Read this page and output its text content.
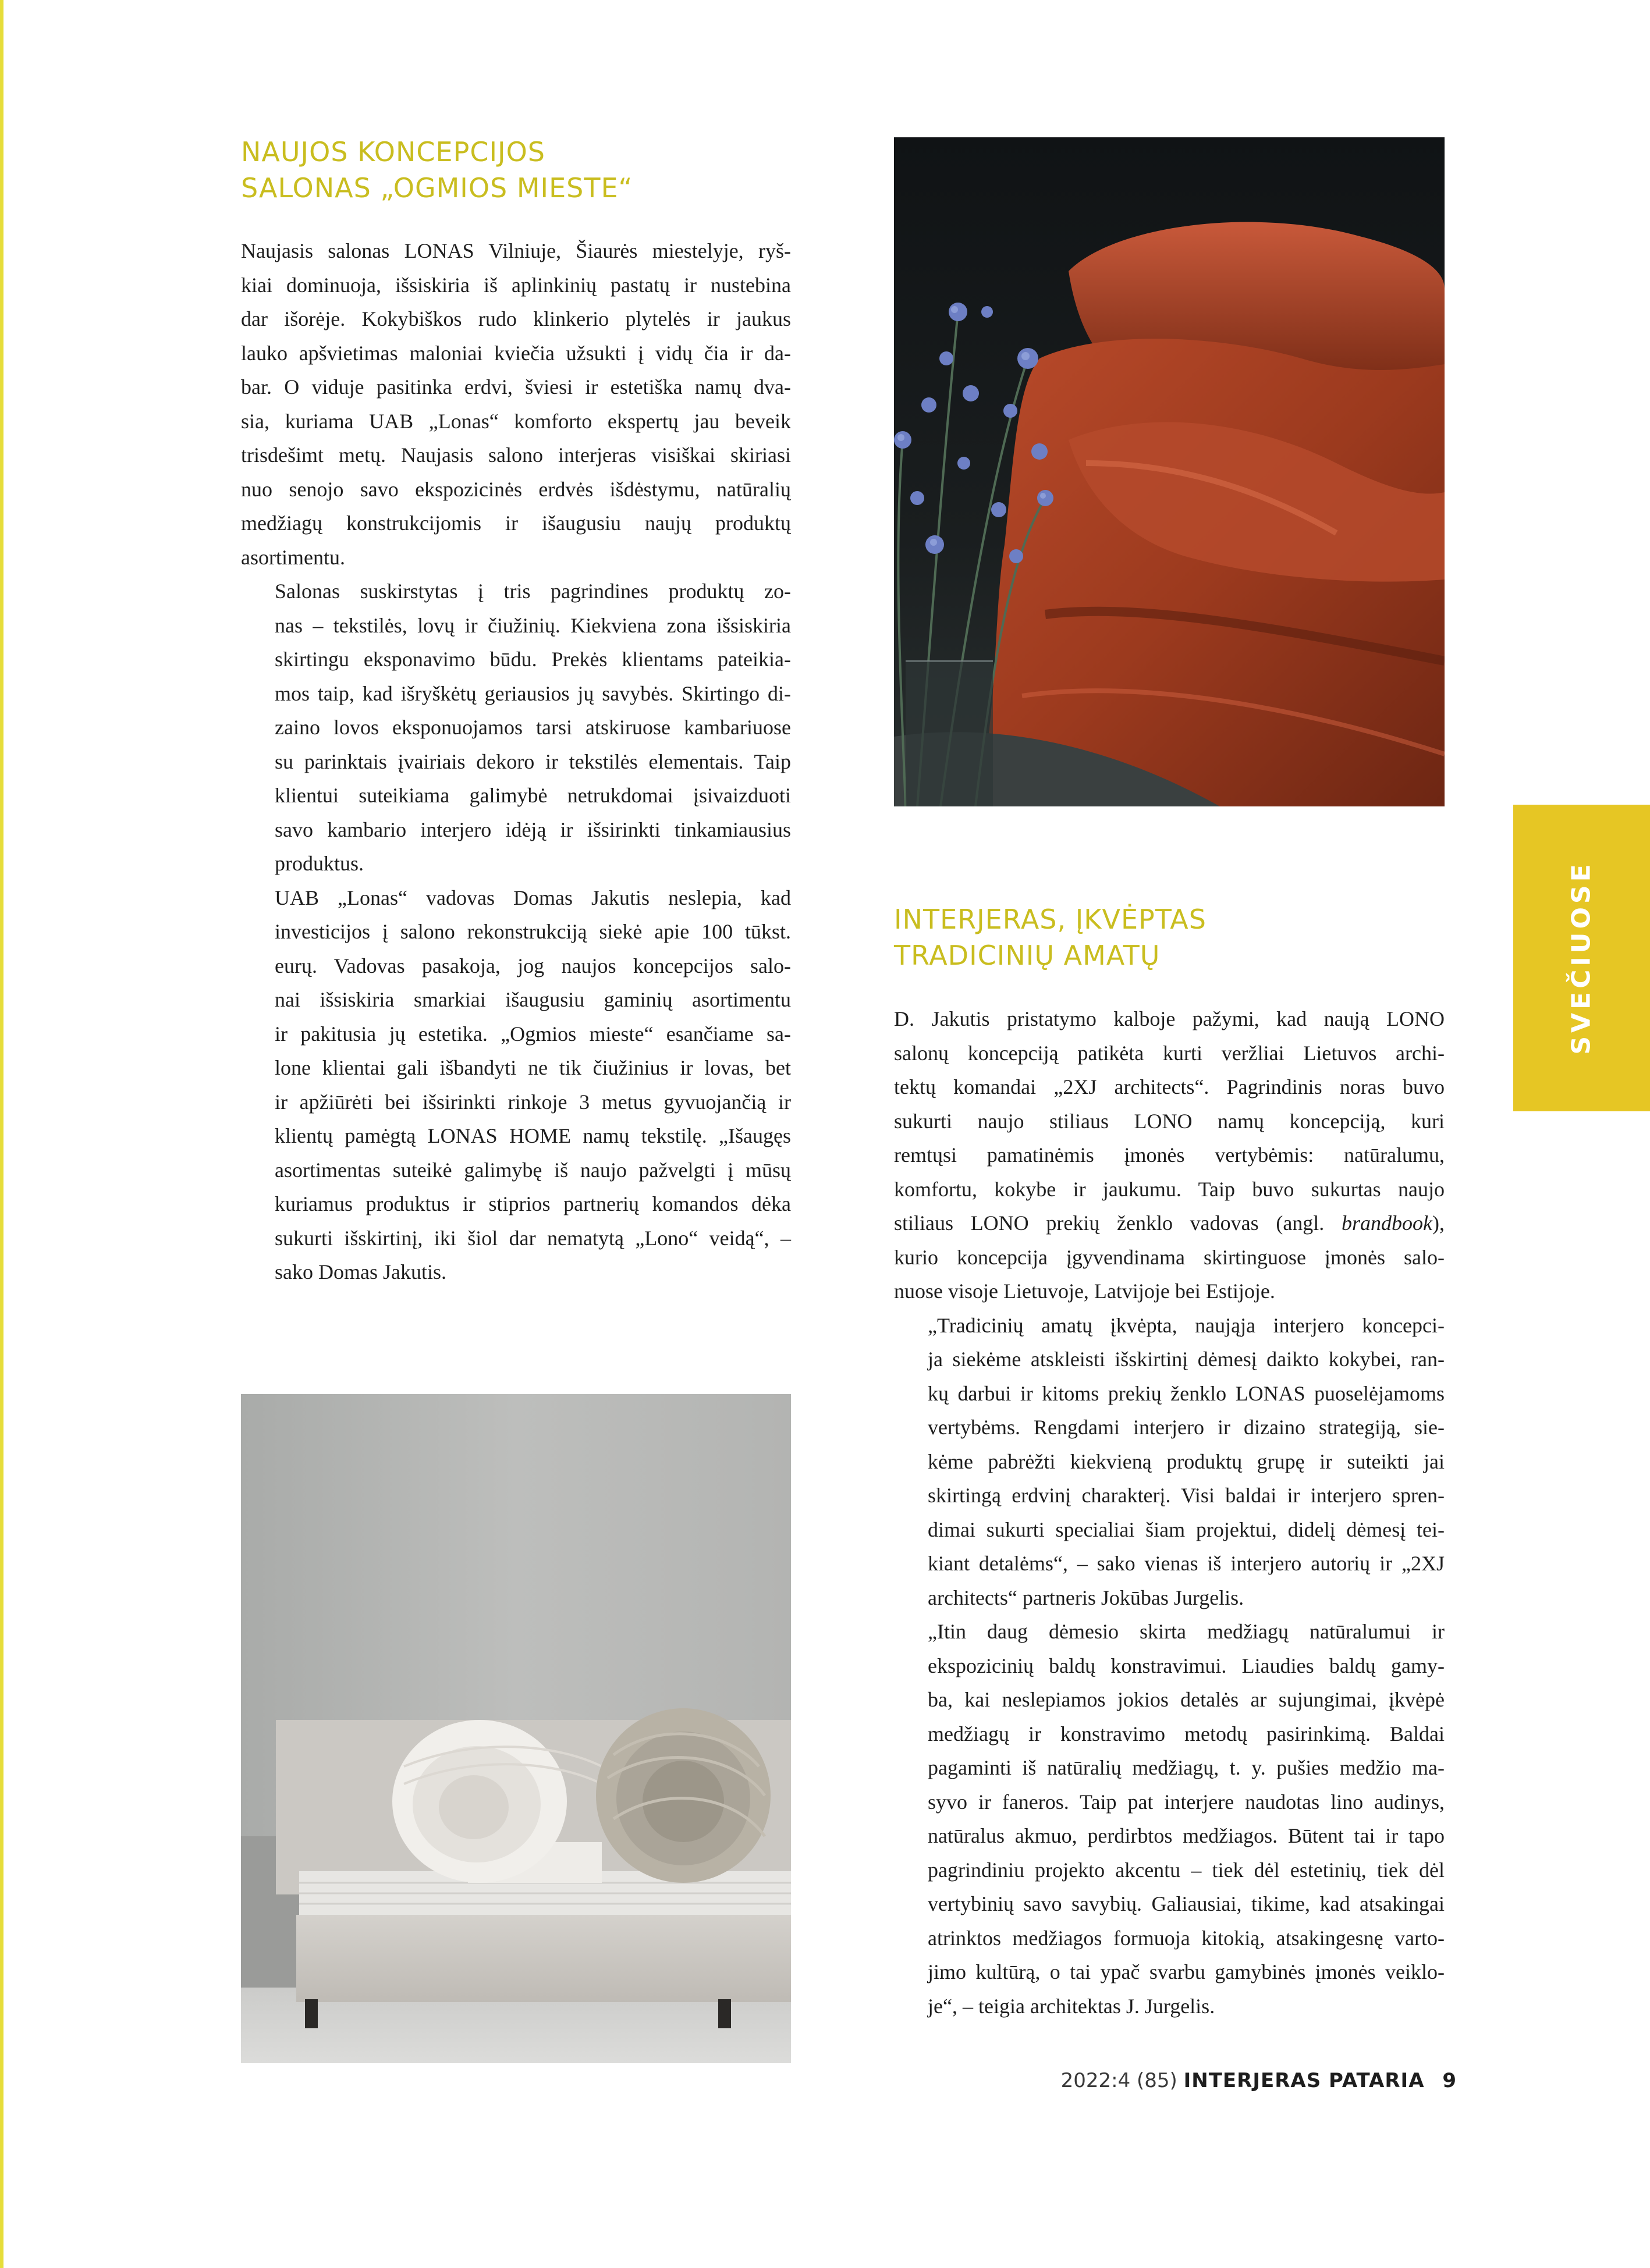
NAUJOS KONCEPCIJOS
SALONAS „OGMIOS MIESTE“

Naujasis salonas LONAS Vilniuje, Šiaurės miestelyje, ryš-
kiai dominuoja, išsiskiria iš aplinkinių pastatų ir nustebina
dar išorėje. Kokybiškos rudo klinkerio plytelės ir jaukus
lauko apšvietimas maloniai kviečia užsukti į vidų čia ir da-
bar. O viduje pasitinka erdvi, šviesi ir estetiška namų dva-
sia, kuriama UAB „Lonas“ komforto ekspertų jau beveik
trisdešimt metų. Naujasis salono interjeras visiškai skiriasi
nuo senojo savo ekspozicinės erdvės išdėstymu, natūralių
medžiagų konstrukcijomis ir išaugusiu naujų produktų
asortimentu.

Salonas suskirstytas į tris pagrindines produktų zo-
nas – tekstilės, lovų ir čiužinių. Kiekviena zona išsiskiria
skirtingu eksponavimo būdu. Prekės klientams pateikia-
mos taip, kad išryškėtų geriausios jų savybės. Skirtingo di-
zaino lovos eksponuojamos tarsi atskiruose kambariuose
su parinktais įvairiais dekoro ir tekstilės elementais. Taip
klientui suteikiama galimybė netrukdomai įsivaizduoti
savo kambario interjero idėją ir išsirinkti tinkamiausius
produktus.

UAB „Lonas“ vadovas Domas Jakutis neslepia, kad
investicijos į salono rekonstrukciją siekė apie 100 tūkst.
eurų. Vadovas pasakoja, jog naujos koncepcijos salo-
nai išsiskiria smarkiai išaugusiu gaminių asortimentu
ir pakitusia jų estetika. „Ogmios mieste“ esančiame sa-
lone klientai gali išbandyti ne tik čiužinius ir lovas, bet
ir apžiūrėti bei išsirinkti rinkoje 3 metus gyvuojančią ir
klientų pamėgtą LONAS HOME namų tekstilę. „Išaugęs
asortimentas suteikė galimybę iš naujo pažvelgti į mūsų
kuriamus produktus ir stiprios partnerių komandos dėka
sukurti išskirtinį, iki šiol dar nematytą „Lono“ veidą“, –
sako Domas Jakutis.

INTERJERAS, ĮKVĖPTAS
TRADICINIŲ AMATŲ

D. Jakutis pristatymo kalboje pažymi, kad naują LONO
salonų koncepciją patikėta kurti veržliai Lietuvos archi-
tektų komandai „2XJ architects“. Pagrindinis noras buvo
sukurti naujo stiliaus LONO namų koncepciją, kuri
remtųsi pamatinėmis įmonės vertybėmis: natūralumu,
komfortu, kokybe ir jaukumu. Taip buvo sukurtas naujo
stiliaus LONO prekių ženklo vadovas (angl. brandbook),
kurio koncepcija įgyvendinama skirtinguose įmonės salo-
nuose visoje Lietuvoje, Latvijoje bei Estijoje.

„Tradicinių amatų įkvėpta, naująja interjero koncepci-
ja siekėme atskleisti išskirtinį dėmesį daikto kokybei, ran-
kų darbui ir kitoms prekių ženklo LONAS puoselėjamoms
vertybėms. Rengdami interjero ir dizaino strategiją, sie-
kėme pabrėžti kiekvieną produktų grupę ir suteikti jai
skirtingą erdvinį charakterį. Visi baldai ir interjero spren-
dimai sukurti specialiai šiam projektui, didelį dėmesį tei-
kiant detalėms“, – sako vienas iš interjero autorių ir „2XJ
architects“ partneris Jokūbas Jurgelis.

„Itin daug dėmesio skirta medžiagų natūralumui ir
ekspozicinių baldų konstravimui. Liaudies baldų gamy-
ba, kai neslepiamos jokios detalės ar sujungimai, įkvėpė
medžiagų ir konstravimo metodų pasirinkimą. Baldai
pagaminti iš natūralių medžiagų, t. y. pušies medžio ma-
syvo ir faneros. Taip pat interjere naudotas lino audinys,
natūralus akmuo, perdirbtos medžiagos. Būtent tai ir tapo
pagrindiniu projekto akcentu – tiek dėl estetinių, tiek dėl
vertybinių savo savybių. Galiausiai, tikime, kad atsakingai
atrinktos medžiagos formuoja kitokią, atsakingesnę varto-
jimo kultūrą, o tai ypač svarbu gamybinės įmonės veiklo-
je“, – teigia architektas J. Jurgelis.

SVEČIUOSE
2022:4 (85) INTERJERAS PATARIA 9
